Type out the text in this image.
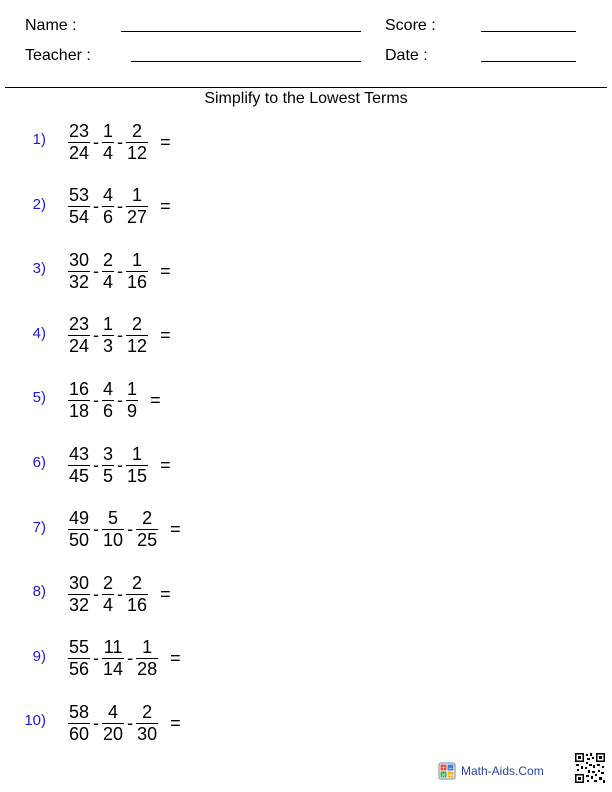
Name :	Score :
Teacher :	Date :
Simplify to the Lowest Terms
$1) \frac{23}{24} - \frac{1}{4} - \frac{2}{12}$ =
$2) \frac{53}{54} - \frac{4}{6} - \frac{1}{27}$ =
$3) \frac{30}{32} - \frac{2}{4} - \frac{1}{16}$ =
$4) \frac{23}{24} - \frac{1}{3} - \frac{2}{12}$ =
$5) \frac{16}{18} - \frac{4}{6} - \frac{1}{9}$ =
$6) \frac{43}{45} - \frac{3}{5} - \frac{1}{15}$ =
$7) \frac{49}{50} - \frac{5}{10} - \frac{2}{25}$ =
$8) \frac{30}{32} - \frac{2}{4} - \frac{2}{16}$ =
$9) \frac{55}{56} - \frac{11}{14} - \frac{1}{28}$ =
$10) \frac{58}{60} - \frac{4}{20} - \frac{2}{30}$ =
+ −
× = Math-Aids.Com
